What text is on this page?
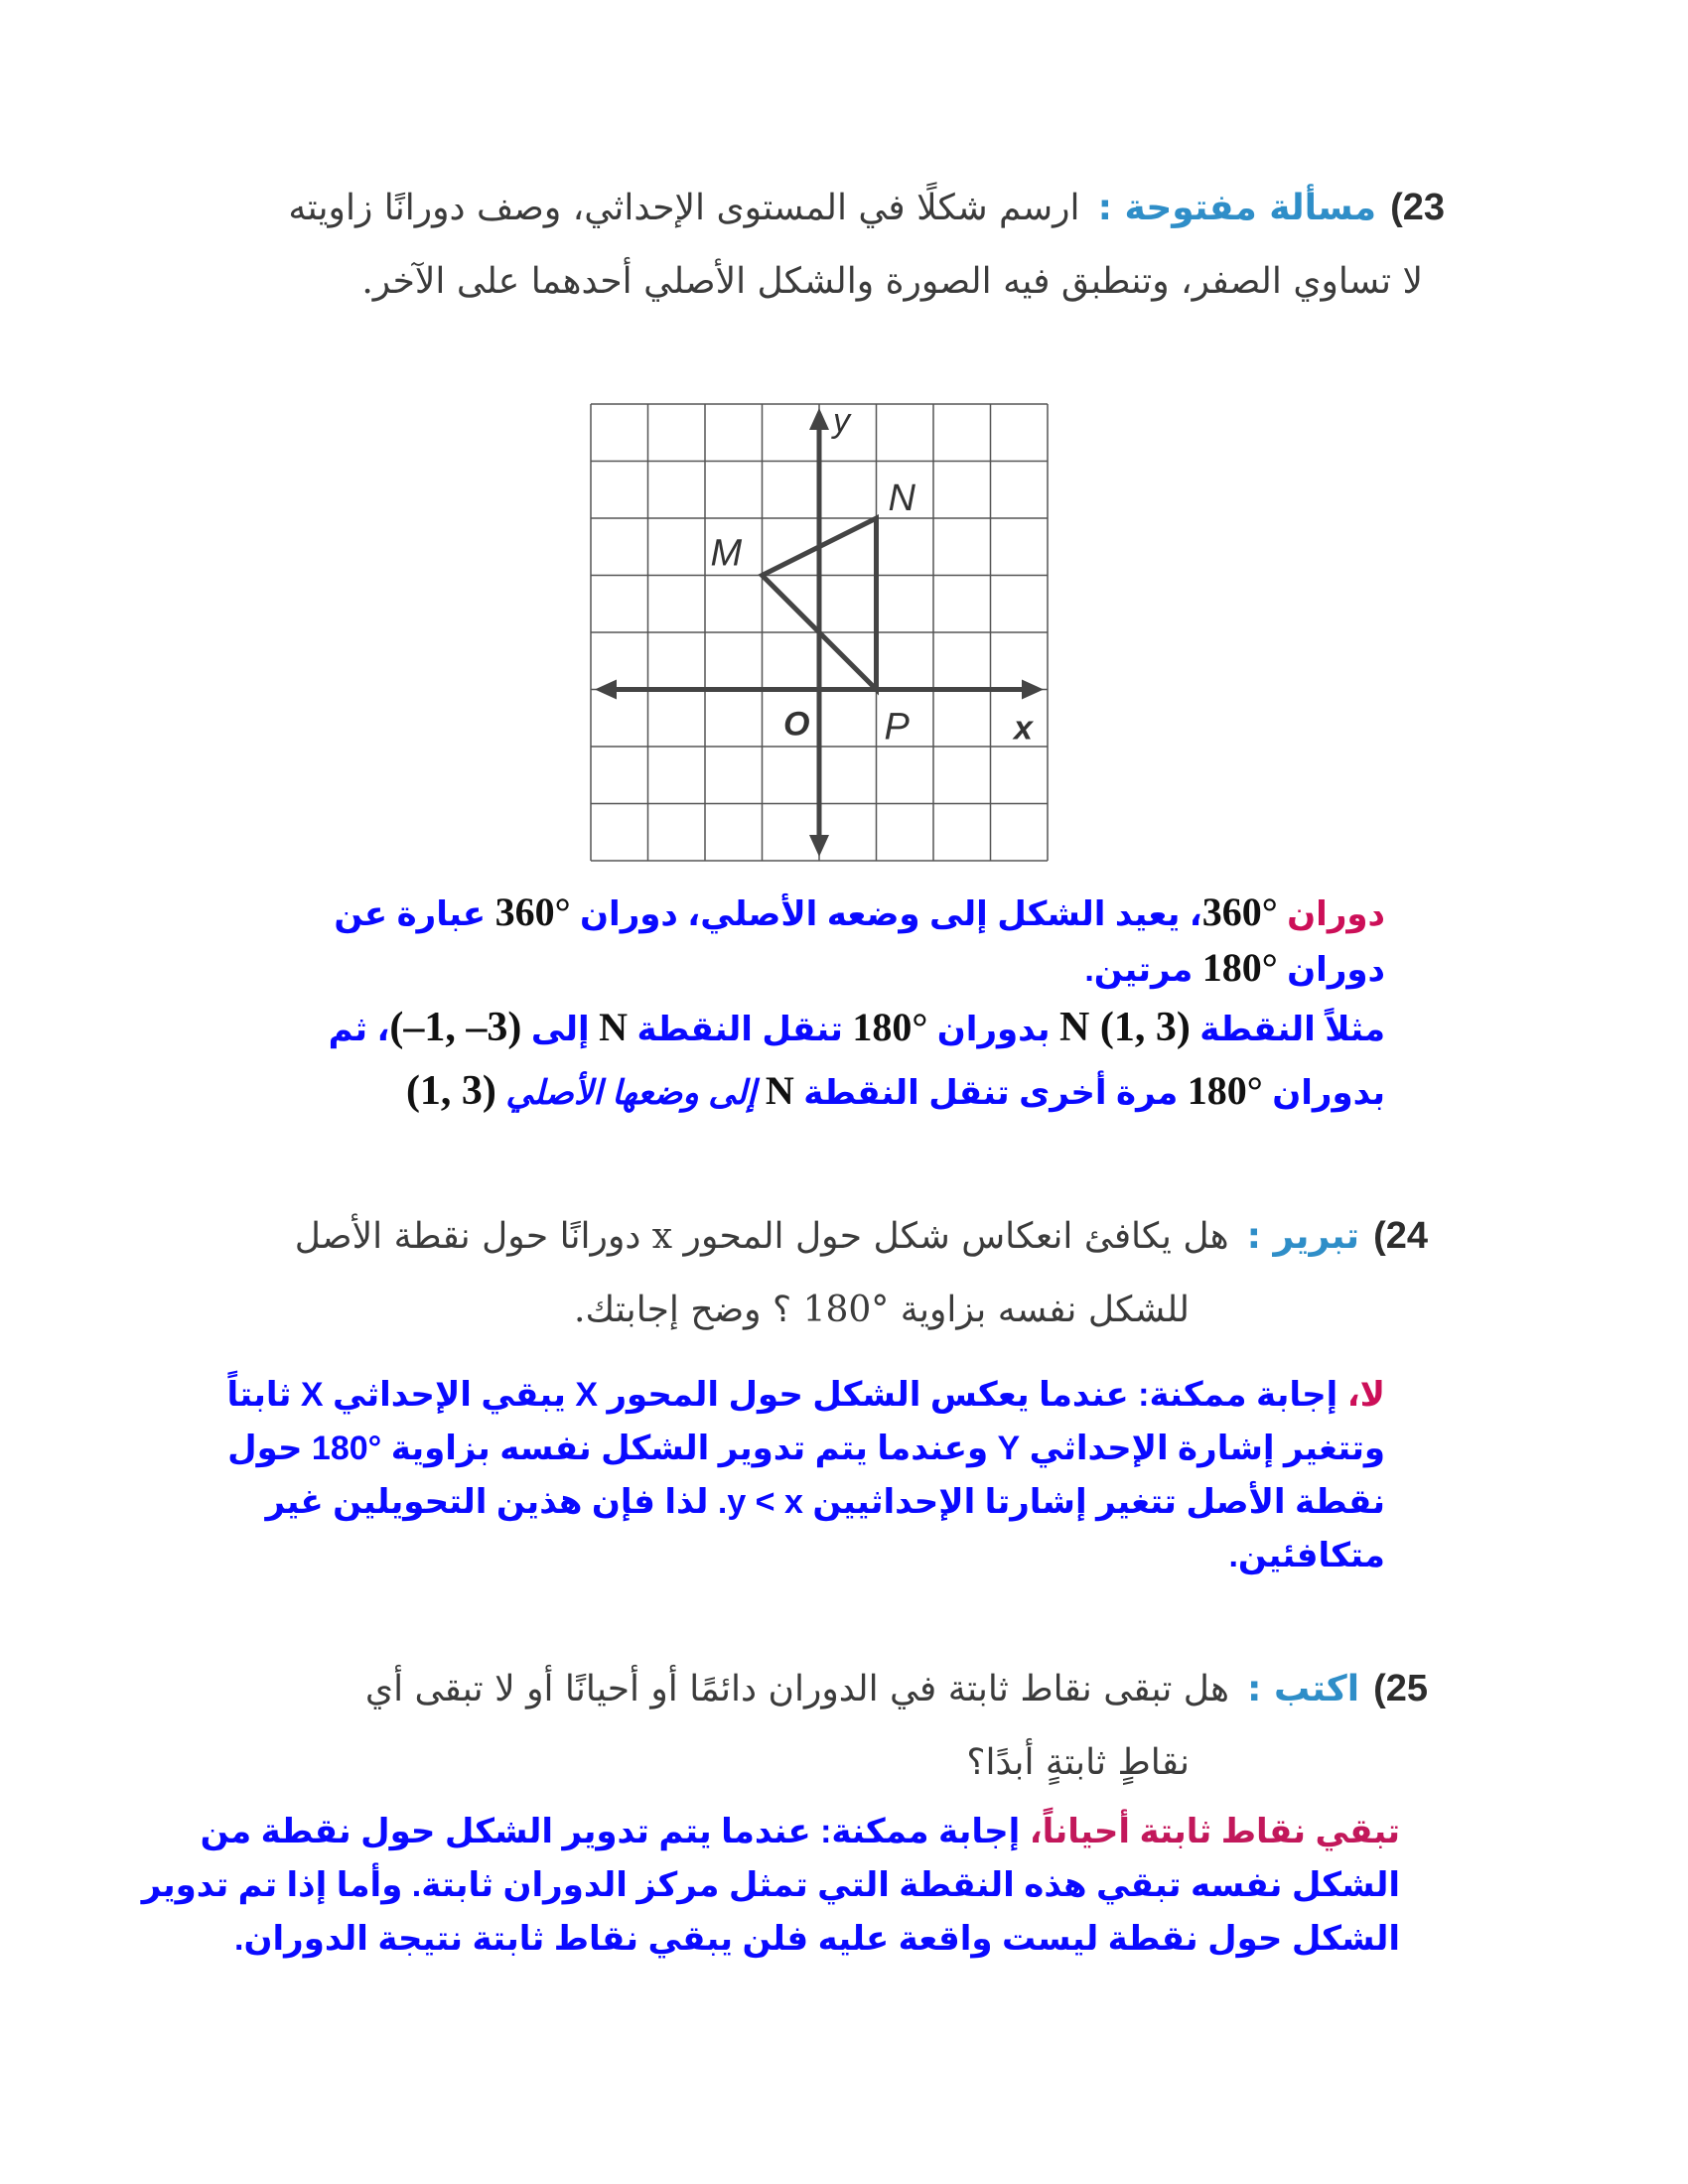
23)مسألة مفتوحة :ارسم شكلًا في المستوى الإحداثي، وصف دورانًا زاويته
لا تساوي الصفر، وتنطبق فيه الصورة والشكل الأصلي أحدهما على الآخر.
y
x
O
N
M
P
دوران °360، يعيد الشكل إلى وضعه الأصلي، دوران °360 عبارة عن
دوران °180 مرتين.
مثلاً النقطة N (1, 3) بدوران °180 تنقل النقطة N إلى (–1, –3)، ثم
بدوران °180 مرة أخرى تنقل النقطة N إلى وضعها الأصلي (1, 3)
24)تبرير :هل يكافئ انعكاس شكل حول المحور x دورانًا حول نقطة الأصل
للشكل نفسه بزاوية °180 ؟ وضح إجابتك.
لا، إجابة ممكنة: عندما يعكس الشكل حول المحور X يبقي الإحداثي X ثابتاً
وتتغير إشارة الإحداثي Y وعندما يتم تدوير الشكل نفسه بزاوية °180 حول
نقطة الأصل تتغير إشارتا الإحداثيين y < x. لذا فإن هذين التحويلين غير
متكافئين.
25)اكتب :هل تبقى نقاط ثابتة في الدوران دائمًا أو أحيانًا أو لا تبقى أي
نقاطٍ ثابتةٍ أبدًا؟
تبقي نقاط ثابتة أحياناً، إجابة ممكنة: عندما يتم تدوير الشكل حول نقطة من
الشكل نفسه تبقي هذه النقطة التي تمثل مركز الدوران ثابتة. وأما إذا تم تدوير
الشكل حول نقطة ليست واقعة عليه فلن يبقي نقاط ثابتة نتيجة الدوران.
